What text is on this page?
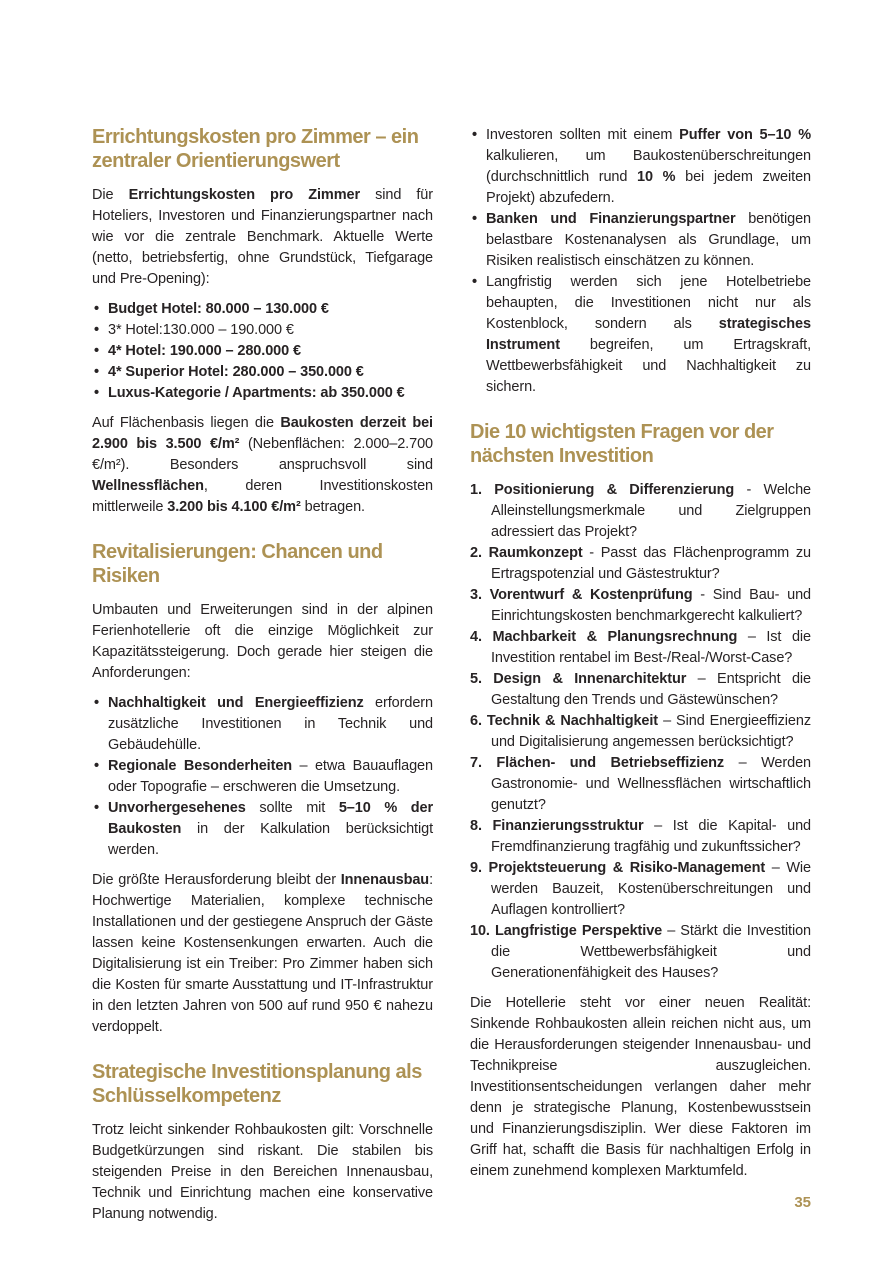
Errichtungskosten pro Zimmer – ein zentraler Orientierungswert

Die Errichtungskosten pro Zimmer sind für Hoteliers, Investoren und Finanzierungspartner nach wie vor die zentrale Benchmark. Aktuelle Werte (netto, betriebsfertig, ohne Grundstück, Tiefgarage und Pre-Opening):

• Budget Hotel: 80.000 – 130.000 €
• 3* Hotel:130.000 – 190.000 €
• 4* Hotel: 190.000 – 280.000 €
• 4* Superior Hotel: 280.000 – 350.000 €
• Luxus-Kategorie / Apartments: ab 350.000 €

Auf Flächenbasis liegen die Baukosten derzeit bei 2.900 bis 3.500 €/m² (Nebenflächen: 2.000–2.700 €/m²). Besonders anspruchsvoll sind Wellnessflächen, deren Investitionskosten mittlerweile 3.200 bis 4.100 €/m² betragen.

Revitalisierungen: Chancen und Risiken

Umbauten und Erweiterungen sind in der alpinen Ferienhotellerie oft die einzige Möglichkeit zur Kapazitätssteigerung. Doch gerade hier steigen die Anforderungen:

• Nachhaltigkeit und Energieeffizienz erfordern zusätzliche Investitionen in Technik und Gebäudehülle.
• Regionale Besonderheiten – etwa Bauauflagen oder Topografie – erschweren die Umsetzung.
• Unvorhergesehenes sollte mit 5–10 % der Baukosten in der Kalkulation berücksichtigt werden.

Die größte Herausforderung bleibt der Innenausbau: Hochwertige Materialien, komplexe technische Installationen und der gestiegene Anspruch der Gäste lassen keine Kostensenkungen erwarten. Auch die Digitalisierung ist ein Treiber: Pro Zimmer haben sich die Kosten für smarte Ausstattung und IT-Infrastruktur in den letzten Jahren von 500 auf rund 950 € nahezu verdoppelt.

Strategische Investitionsplanung als Schlüsselkompetenz

Trotz leicht sinkender Rohbaukosten gilt: Vorschnelle Budgetkürzungen sind riskant. Die stabilen bis steigenden Preise in den Bereichen Innenausbau, Technik und Einrichtung machen eine konservative Planung notwendig.

• Investoren sollten mit einem Puffer von 5–10 % kalkulieren, um Baukostenüberschreitungen (durchschnittlich rund 10 % bei jedem zweiten Projekt) abzufedern.
• Banken und Finanzierungspartner benötigen belastbare Kostenanalysen als Grundlage, um Risiken realistisch einschätzen zu können.
• Langfristig werden sich jene Hotelbetriebe behaupten, die Investitionen nicht nur als Kostenblock, sondern als strategisches Instrument begreifen, um Ertragskraft, Wettbewerbsfähigkeit und Nachhaltigkeit zu sichern.
Die 10 wichtigsten Fragen vor der nächsten Investition
1. Positionierung & Differenzierung - Welche Alleinstellungsmerkmale und Zielgruppen adressiert das Projekt?
2. Raumkonzept - Passt das Flächenprogramm zu Ertragspotenzial und Gästestruktur?
3. Vorentwurf & Kostenprüfung - Sind Bau- und Einrichtungskosten benchmarkgerecht kalkuliert?
4. Machbarkeit & Planungsrechnung – Ist die Investition rentabel im Best-/Real-/Worst-Case?
5. Design & Innenarchitektur – Entspricht die Gestaltung den Trends und Gästewünschen?
6. Technik & Nachhaltigkeit – Sind Energieeffizienz und Digitalisierung angemessen berücksichtigt?
7. Flächen- und Betriebseffizienz – Werden Gastronomie- und Wellnessflächen wirtschaftlich genutzt?
8. Finanzierungsstruktur – Ist die Kapital- und Fremdfinanzierung tragfähig und zukunftssicher?
9. Projektsteuerung & Risiko-Management – Wie werden Bauzeit, Kostenüberschreitungen und Auflagen kontrolliert?
10. Langfristige Perspektive – Stärkt die Investition die Wettbewerbsfähigkeit und Generationenfähigkeit des Hauses?

Die Hotellerie steht vor einer neuen Realität: Sinkende Rohbaukosten allein reichen nicht aus, um die Herausforderungen steigender Innenausbau- und Technikpreise auszugleichen. Investitionsentscheidungen verlangen daher mehr denn je strategische Planung, Kostenbewusstsein und Finanzierungsdisziplin. Wer diese Faktoren im Griff hat, schafft die Basis für nachhaltigen Erfolg in einem zunehmend komplexen Marktumfeld.

35
